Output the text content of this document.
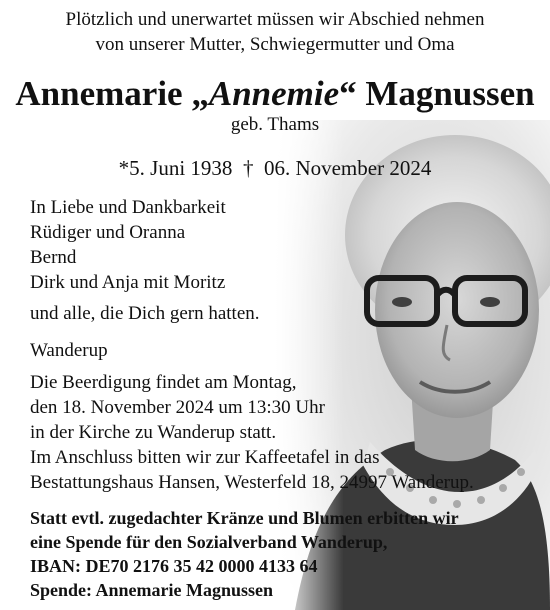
Plötzlich und unerwartet müssen wir Abschied nehmen
von unserer Mutter, Schwiegermutter und Oma
Annemarie „Annemie“ Magnussen
geb. Thams
*5. Juni 1938 † 06. November 2024
In Liebe und Dankbarkeit
Rüdiger und Oranna
Bernd
Dirk und Anja mit Moritz
und alle, die Dich gern hatten.
Wanderup
Die Beerdigung findet am Montag,
den 18. November 2024 um 13:30 Uhr
in der Kirche zu Wanderup statt.
Im Anschluss bitten wir zur Kaffeetafel in das
Bestattungshaus Hansen, Westerfeld 18, 24997 Wanderup.
Statt evtl. zugedachter Kränze und Blumen erbitten wir
eine Spende für den Sozialverband Wanderup,
IBAN: DE70 2176 35 42 0000 4133 64
Spende: Annemarie Magnussen
